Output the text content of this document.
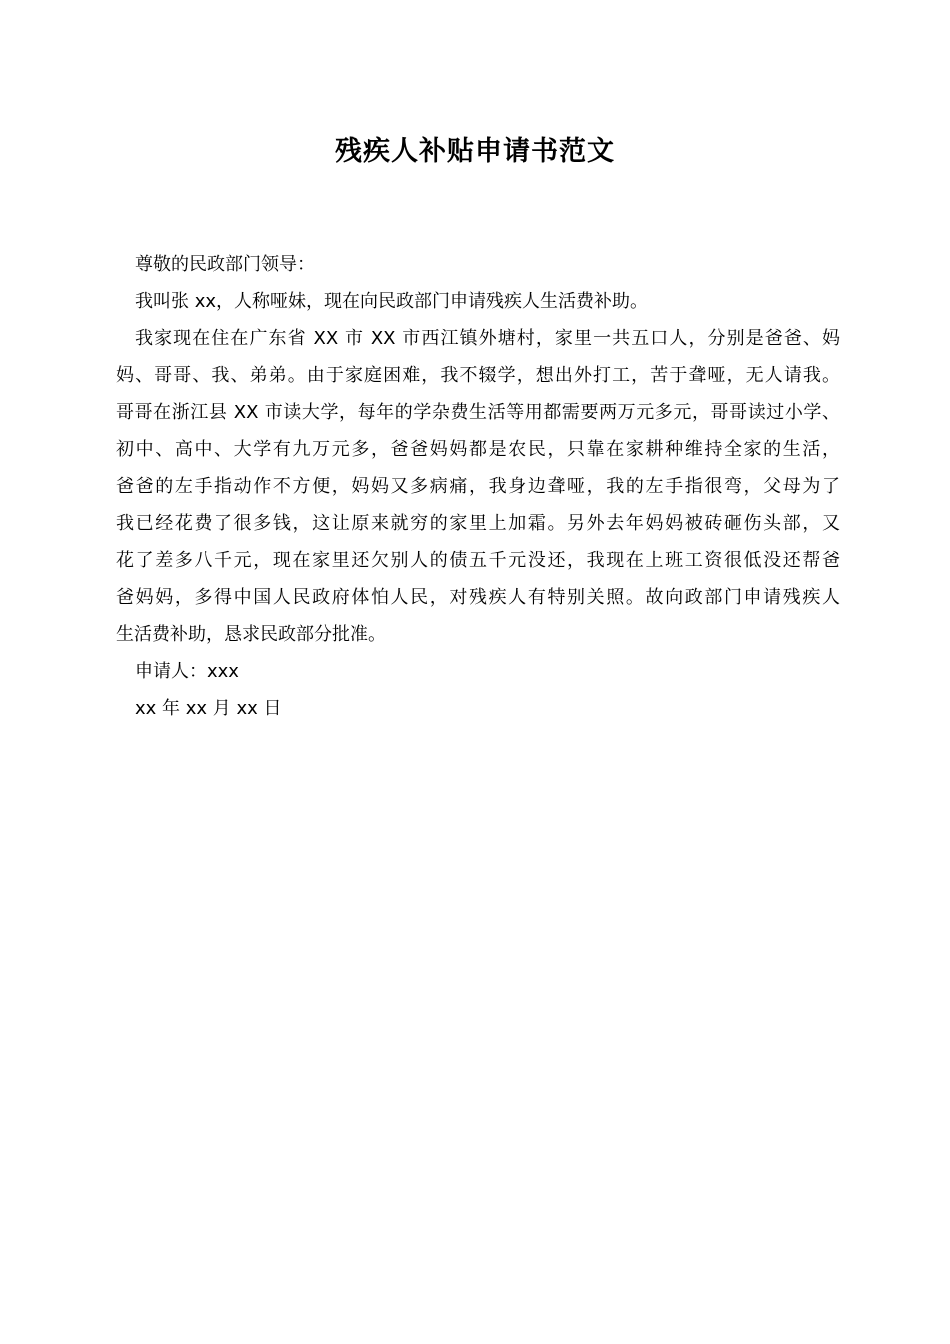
残疾人补贴申请书范文
尊敬的民政部门领导：
我叫张 xx，人称哑妹，现在向民政部门申请残疾人生活费补助。
我家现在住在广东省 XX 市 XX 市西江镇外塘村，家里一共五口人，分别是爸爸、妈
妈、哥哥、我、弟弟。由于家庭困难，我不辍学，想出外打工，苦于聋哑，无人请我。
哥哥在浙江县 XX 市读大学，每年的学杂费生活等用都需要两万元多元，哥哥读过小学、
初中、高中、大学有九万元多，爸爸妈妈都是农民，只靠在家耕种维持全家的生活，
爸爸的左手指动作不方便，妈妈又多病痛，我身边聋哑，我的左手指很弯，父母为了
我已经花费了很多钱，这让原来就穷的家里上加霜。另外去年妈妈被砖砸伤头部，又
花了差多八千元，现在家里还欠别人的债五千元没还，我现在上班工资很低没还帮爸
爸妈妈，多得中国人民政府体怕人民，对残疾人有特别关照。故向政部门申请残疾人
生活费补助，恳求民政部分批准。
申请人：xxx
xx 年 xx 月 xx 日
